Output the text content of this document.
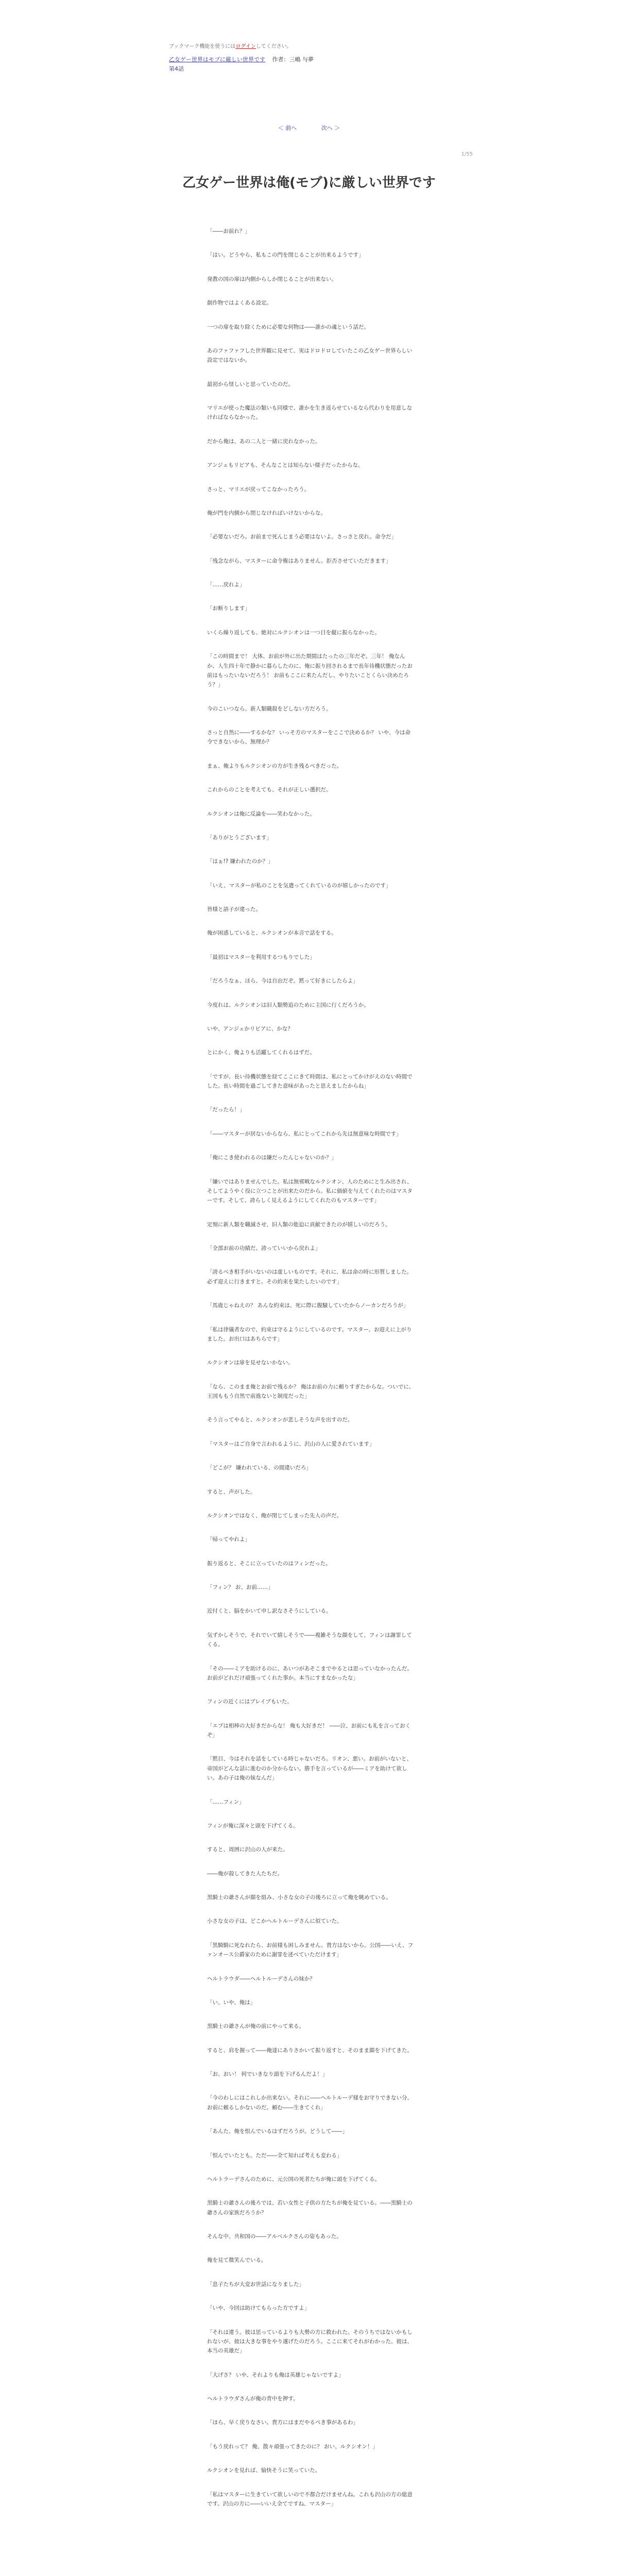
ブックマーク機能を使うにはログインしてください。
乙女ゲー世界はモブに厳しい世界です 作者：三嶋 与夢
第4話
＜ 前へ	次へ ＞
1/55
乙女ゲー世界は俺(モブ)に厳しい世界です

「――お前れ？」

「はい。どうやら、私もこの門を閉じることが出来るようです」

発教の国の扉は内側からしか閉じることが出来ない。

創作物ではよくある設定。

一つの扉を取り除くために必要な何物は――誰かの魂という話だ。

あのファファフした世界観に見せて、実はドロドロしていたこの乙女ゲー世界らしい設定ではないか。

最初から怪しいと思っていたのだ。

マリエが使った魔法の類いも同様で、誰かを生き返らせているなら代わりを用意しなければならなかった。

だから俺は、あの二人と一緒に戻れなかった。

アンジェもリビアも、そんなことは知らない様子だったからな。

さっと、マリエが戻ってこなかったろう。

俺が門を内側から閉じなければいけないからな。

「必要ないだろ。お前まで死んじまう必要はないよ。さっさと戻れ。命令だ」

「残念ながら、マスターに命令権はありません。拒否させていただきます」

「……戻れよ」

「お断りします」

いくら繰り返しても、絶対にルクシオンは一つ目を縦に振らなかった。

「この時間まで！ 大体、お前が外に出た期間はたったの三年だぞ。三年！ 俺なんか、人生四十年で静かに暮らしたのに、俺に振り回されるまで長年待機状態だったお前はもったいないだろう！ お前もここに来たんだし、やりたいことくらい決めたろう？」

今のこいつなら、新人類職殺をどしない方だろう。

さっと自然に――するかな？ いっそ方のマスターをここで決めるか？ いや、今は命令できないから、無理か？

まぁ、俺よりもルクシオンの方が生き残るべきだった。

これからのことを考えても、それが正しい選択だ。

ルクシオンは俺に反論を――笑わなかった。

「ありがとうございます」

「はぁ!? 嫌われたのか？」

「いえ、マスターが私のことを気遣ってくれているのが嬉しかったのです」

皆様と語子が違った。

俺が困惑していると、ルクシオンが本音で話をする。

「最初はマスターを利用するつもりでした」

「だろうなぁ、ほら、今は自由だぞ。黙って好きにしたらよ」

今度れは、ルクシオンは旧人類勢追のために主国に行くだろうか。

いや、アンジェかリビアに、かな？

とにかく、俺よりも活躍してくれるはずだ。

「ですが、長い待機状態を経てここにきて時間は、私にとってかけがえのない時間でした。長い時間を過ごしてきた意味があったと思えましたからね」

「だったら！」

「――マスターが居ないからなら、私にとってこれから先は無意味な時間です」

「俺にこき使われるのは嫌だったんじゃないのか？」

「嫌いではありませんでした。私は無邪戦なルクシオン、人のためにと生み出され、そしてようやく役に立つことが出来たのだから。私に価値を与えてくれたのはマスターです。そして、誇らしく見えるようにしてくれたのもマスターです」

定刻に新人類を職滅させ、旧人類の能迫に貢献できたのが嬉しいのだろう。

「全部お前の功績だ。誇っていいから戻れよ」

「誇るべき相手がいないのは虚しいものです。それに、私は命の時に形質しました。必ず迎えに行きますと。その約束を果たしたいのです」

「馬鹿じゃねえの？ あんな約束は、死に際に腹騒していたからノーカンだろうが」

「私は律儀者なので、約束は守るようにしているのです。マスター、お迎えに上がりました。お出口はあちらです」

ルクシオンは扉を見せないかない。

「なら、このまま俺とお前で残るか？ 俺はお前の力に頼りすぎたからな。ついでに、王国ももう自然で前進ないと制度だった」

そう言ってやると、ルクシオンが悲しそうな声を出すのだ。

「マスターはご自身で言われるように、沢山の人に愛されています」

「どこが？ 嫌われている、の間違いだろ」

すると、声がした。

ルクシオンではなく、俺が閉じてしまった先人の声だ。

「帰ってやれよ」

振り返ると、そこに立っていたのはフィンだった。

「フィン？ お、お前……」

近付くと、脳をかいて申し訳なさそうにしている。

気ずかしそうで、それでいて嬉しそうで――複雑そうな顔をして、フィンは謝罪してくる。

「その――ミアを助けるのに、あいつがあそこまでやるとは思っていなかったんだ。お前がどれだけ頑張ってくれた事か。本当にすまなかったな」

フィンの近くにはブレイブもいた。

「エプは相棒の大好きだからな！ 俺も大好きだ！ ――泣、お前にも礼を言っておくぞ」

「黙目、今はそれを話をしている時じゃないだろ。リオン、悪い。お前がいないと、帝国がどんな話に進むのか分からない。勝手を言っているが――ミアを助けて欲しい。あの子は俺の妹なんだ」

「……フィン」

フィンが俺に深々と頭を下げてくる。

すると、周囲に沢山の人が来た。

――俺が殺してきた人たちだ。

黒騎士の爺さんが顔を組み、小さな女の子の後ろに立って俺を眺めている。

小さな女の子は、どこかヘルトルーデさんに似ていた。

「黒騎騎に死なれたら、お前様も困しみません。貴方はないから。公国――いえ、ファンオース公爵家のために謝罪を述べていただけます」

ヘルトラウダ――ヘルトルーデさんの妹か？

「い、いや、俺は」

黒騎士の爺さんが俺の前にやって来る。

すると、肩を握って――俺達にありさかいて振り返すと、そのまま顔を下げてきた。

「お、おい！ 何でいきなり頭を下げるんだよ！」

「今のわしにはこれしか出来ない。それに――ヘルトルーデ様をお守りできない分、お前に頼るしかないのだ。頼む――生きてくれ」

「あんた、俺を恨んでいるはずだろうが。どうして――」

「恨んでいたとも。ただ――全て知れば考えも変わる」

ヘルトラーデさんのために、元公国の死者たちが俺に頭を下げてくる。

黒騎士の爺さんの後ろでは、若い女性と子供の方たちが俺を見ている。――黒騎士の爺さんの家族だろうか？

そんな中、共和国の――アルベルクさんの姿もあった。

俺を見て微笑んでいる。

「息子たちが大変お世話になりました」

「いや、今回は助けてもらった方ですよ」

「それは違う。彼は思っているよりも大勢の方に救われた。そのうちではないかもしれないが、彼は大きな事をやり遂げたのだろう。ここに来てそれがわかった。彼は、本当の英雄だ」

「大げさ？ いや、それよりも俺は英雄じゃないですよ」

ヘルトラウダさんが俺の背中を押す。

「ほら、早く戻りなさい。貴方にはまだやるべき事があるわ」

「もう戻れって？ 俺、散々頑張ってきたのに？ おい、ルクシオン！」

ルクシオンを見れば、愉快そうに笑っていた。

「私はマスターに生きていて欲しいので不都合だけませんね。これも沢山の方の総意です。沢山の方に――いいえ全てですね、マスター」
